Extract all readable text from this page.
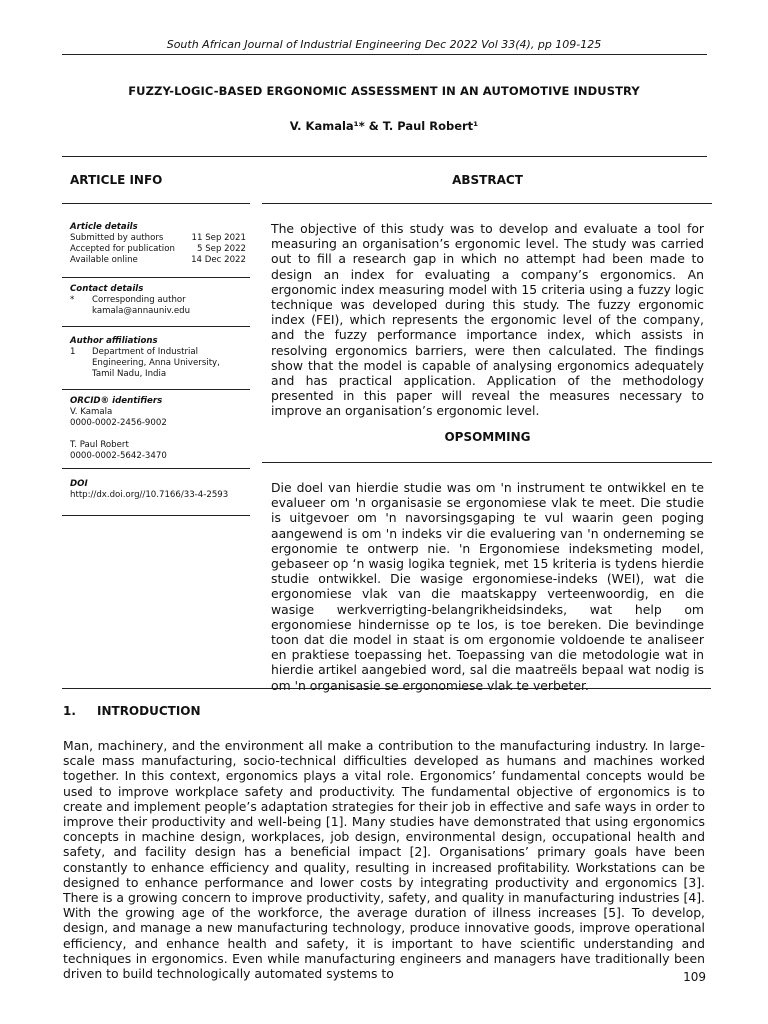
South African Journal of Industrial Engineering Dec 2022 Vol 33(4), pp 109-125
FUZZY-LOGIC-BASED ERGONOMIC ASSESSMENT IN AN AUTOMOTIVE INDUSTRY
V. Kamala¹* & T. Paul Robert¹
ARTICLE INFO	ABSTRACT
Article details
Submitted by authors	11 Sep 2021
Accepted for publication	5 Sep 2022
Available online	14 Dec 2022
Contact details
*	Corresponding author
kamala@annauniv.edu
Author affiliations
1	Department of Industrial
Engineering, Anna University,
Tamil Nadu, India
ORCID® identifiers
V. Kamala
0000-0002-2456-9002
T. Paul Robert
0000-0002-5642-3470
DOI
http://dx.doi.org//10.7166/33-4-2593
The objective of this study was to develop and evaluate a tool for measuring an organisation’s ergonomic level. The study was carried out to fill a research gap in which no attempt had been made to design an index for evaluating a company’s ergonomics. An ergonomic index measuring model with 15 criteria using a fuzzy logic technique was developed during this study. The fuzzy ergonomic index (FEI), which represents the ergonomic level of the company, and the fuzzy performance importance index, which assists in resolving ergonomics barriers, were then calculated. The findings show that the model is capable of analysing ergonomics adequately and has practical application. Application of the methodology presented in this paper will reveal the measures necessary to improve an organisation’s ergonomic level.
OPSOMMING
Die doel van hierdie studie was om 'n instrument te ontwikkel en te evalueer om 'n organisasie se ergonomiese vlak te meet. Die studie is uitgevoer om 'n navorsingsgaping te vul waarin geen poging aangewend is om 'n indeks vir die evaluering van 'n onderneming se ergonomie te ontwerp nie. 'n Ergonomiese indeksmeting model, gebaseer op ‘n wasig logika tegniek, met 15 kriteria is tydens hierdie studie ontwikkel. Die wasige ergonomiese-indeks (WEI), wat die ergonomiese vlak van die maatskappy verteenwoordig, en die wasige werkverrigting-belangrikheidsindeks, wat help om ergonomiese hindernisse op te los, is toe bereken. Die bevindinge toon dat die model in staat is om ergonomie voldoende te analiseer en praktiese toepassing het. Toepassing van die metodologie wat in hierdie artikel aangebied word, sal die maatreëls bepaal wat nodig is om 'n organisasie se ergonomiese vlak te verbeter.
1. INTRODUCTION
Man, machinery, and the environment all make a contribution to the manufacturing industry. In large-scale mass manufacturing, socio-technical difficulties developed as humans and machines worked together. In this context, ergonomics plays a vital role. Ergonomics’ fundamental concepts would be used to improve workplace safety and productivity. The fundamental objective of ergonomics is to create and implement people’s adaptation strategies for their job in effective and safe ways in order to improve their productivity and well-being [1]. Many studies have demonstrated that using ergonomics concepts in machine design, workplaces, job design, environmental design, occupational health and safety, and facility design has a beneficial impact [2]. Organisations’ primary goals have been constantly to enhance efficiency and quality, resulting in increased profitability. Workstations can be designed to enhance performance and lower costs by integrating productivity and ergonomics [3]. There is a growing concern to improve productivity, safety, and quality in manufacturing industries [4]. With the growing age of the workforce, the average duration of illness increases [5]. To develop, design, and manage a new manufacturing technology, produce innovative goods, improve operational efficiency, and enhance health and safety, it is important to have scientific understanding and techniques in ergonomics. Even while manufacturing engineers and managers have traditionally been driven to build technologically automated systems to	109
